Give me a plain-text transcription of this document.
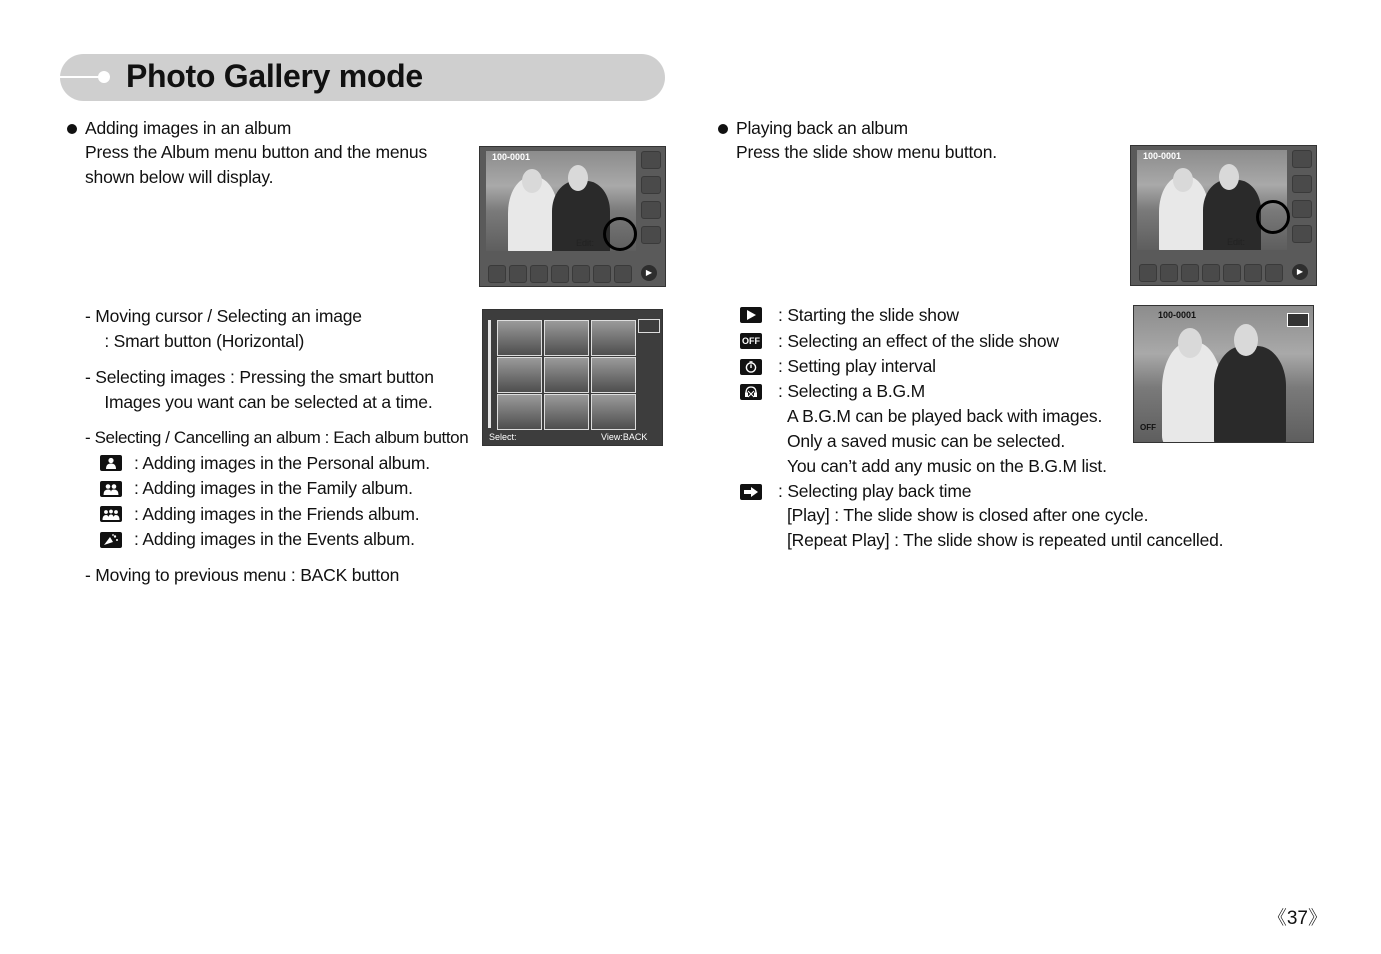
Photo Gallery mode
Adding images in an album
Press the Album menu button and the menus
shown below will display.
- Moving cursor / Selecting an image
: Smart button (Horizontal)
- Selecting images : Pressing the smart button
Images you want can be selected at a time.
- Selecting / Cancelling an album : Each album button
: Adding images in the Personal album.
: Adding images in the Family album.
: Adding images in the Friends album.
: Adding images in the Events album.
- Moving to previous menu : BACK button
100-0001
Edit:
▶
Select:	View:BACK
Playing back an album
Press the slide show menu button.
: Starting the slide show
OFF : Selecting an effect of the slide show
: Setting play interval
: Selecting a B.G.M
A B.G.M can be played back with images.
Only a saved music can be selected.
You can’t add any music on the B.G.M list.
: Selecting play back time
[Play] : The slide show is closed after one cycle.
[Repeat Play] : The slide show is repeated until cancelled.
100-0001
Edit:
▶
100-0001
OFF
《37》
